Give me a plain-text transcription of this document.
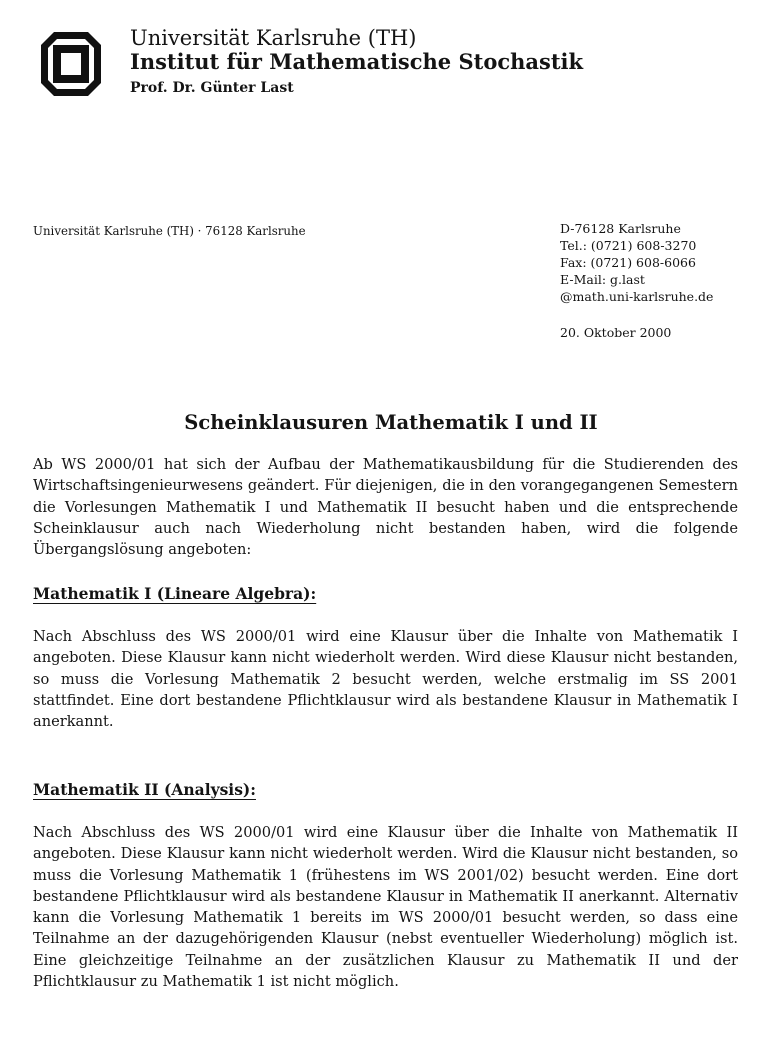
Universität Karlsruhe (TH)
Institut für Mathematische Stochastik
Prof. Dr. Günter Last
Universität Karlsruhe (TH) · 76128 Karlsruhe	D-76128 Karlsruhe
Tel.: (0721) 608-3270
Fax: (0721) 608-6066
E-Mail: g.last
@math.uni-karlsruhe.de
20. Oktober 2000
Scheinklausuren Mathematik I und II

Ab WS 2000/01 hat sich der Aufbau der Mathematikausbildung für die Studierenden des Wirtschaftsingenieurwesens geändert. Für diejenigen, die in den vorangegangenen Semestern die Vorlesungen Mathematik I und Mathematik II besucht haben und die entsprechende Scheinklausur auch nach Wiederholung nicht bestanden haben, wird die folgende Übergangslösung angeboten:

Mathematik I (Lineare Algebra):

Nach Abschluss des WS 2000/01 wird eine Klausur über die Inhalte von Mathematik I angeboten. Diese Klausur kann nicht wiederholt werden. Wird diese Klausur nicht bestanden, so muss die Vorlesung Mathematik 2 besucht werden, welche erstmalig im SS 2001 stattfindet. Eine dort bestandene Pflichtklausur wird als bestandene Klausur in Mathematik I anerkannt.

Mathematik II (Analysis):

Nach Abschluss des WS 2000/01 wird eine Klausur über die Inhalte von Mathematik II angeboten. Diese Klausur kann nicht wiederholt werden. Wird die Klausur nicht bestanden, so muss die Vorlesung Mathematik 1 (frühestens im WS 2001/02) besucht werden. Eine dort bestandene Pflichtklausur wird als bestandene Klausur in Mathematik II anerkannt. Alternativ kann die Vorlesung Mathematik 1 bereits im WS 2000/01 besucht werden, so dass eine Teilnahme an der dazugehörigenden Klausur (nebst eventueller Wiederholung) möglich ist. Eine gleichzeitige Teilnahme an der zusätzlichen Klausur zu Mathematik II und der Pflichtklausur zu Mathematik 1 ist nicht möglich.
